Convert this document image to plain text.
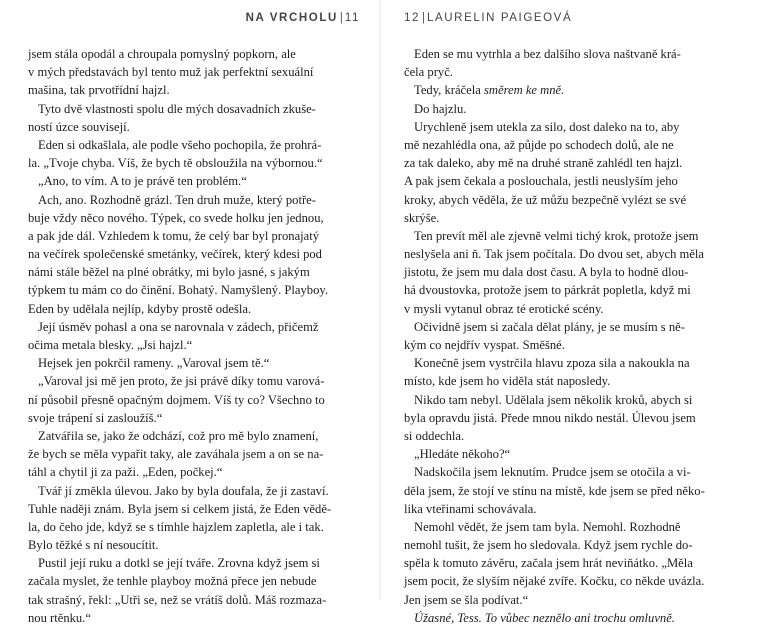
NA VRCHOLU | 11
jsem stála opodál a chroupala pomyslný popkorn, ale
v mých představách byl tento muž jak perfektní sexuální
mašina, tak prvotřídní hajzl.
Tyto dvě vlastnosti spolu dle mých dosavadních zkuše-
ností úzce souvisejí.
Eden si odkašlala, ale podle všeho pochopila, že prohrá-
la. „Tvoje chyba. Víš, že bych tě obsloužila na výbornou.“
„Ano, to vím. A to je právě ten problém.“
Ach, ano. Rozhodně grázl. Ten druh muže, který potře-
buje vždy něco nového. Týpek, co svede holku jen jednou,
a pak jde dál. Vzhledem k tomu, že celý bar byl pronajatý
na večírek společenské smetánky, večírek, který kdesi pod
námi stále běžel na plné obrátky, mi bylo jasné, s jakým
týpkem tu mám co do činění. Bohatý. Namyšlený. Playboy.
Eden by udělala nejlíp, kdyby prostě odešla.
Její úsměv pohasl a ona se narovnala v zádech, přičemž
očima metala blesky. „Jsi hajzl.“
Hejsek jen pokrčil rameny. „Varoval jsem tě.“
„Varoval jsi mě jen proto, že jsi právě díky tomu varová-
ní působil přesně opačným dojmem. Víš ty co? Všechno to
svoje trápení si zasloužíš.“
Zatvářila se, jako že odchází, což pro mě bylo znamení,
že bych se měla vypařit taky, ale zaváhala jsem a on se na-
táhl a chytil ji za paži. „Eden, počkej.“
Tvář jí změkla úlevou. Jako by byla doufala, že ji zastaví.
Tuhle naději znám. Byla jsem si celkem jistá, že Eden vědě-
la, do čeho jde, když se s tímhle hajzlem zapletla, ale i tak.
Bylo těžké s ní nesoucítit.
Pustil její ruku a dotkl se její tváře. Zrovna když jsem si
začala myslet, že tenhle playboy možná přece jen nebude
tak strašný, řekl: „Utři se, než se vrátíš dolů. Máš rozmaza-
nou rtěnku.“
12 | LAURELIN PAIGEOVÁ
Eden se mu vytrhla a bez dalšího slova naštvaně krá-
čela pryč.
Tedy, kráčela směrem ke mně.
Do hajzlu.
Urychleně jsem utekla za silo, dost daleko na to, aby
mě nezahlédla ona, až půjde po schodech dolů, ale ne
za tak daleko, aby mě na druhé straně zahlédl ten hajzl.
A pak jsem čekala a poslouchala, jestli neuslyším jeho
kroky, abych věděla, že už můžu bezpečně vylézt se své
skrýše.
Ten prevít měl ale zjevně velmi tichý krok, protože jsem
neslyšela ani ň. Tak jsem počítala. Do dvou set, abych měla
jistotu, že jsem mu dala dost času. A byla to hodně dlou-
há dvoustovka, protože jsem to párkrát popletla, když mi
v mysli vytanul obraz té erotické scény.
Očividně jsem si začala dělat plány, je se musím s ně-
kým co nejdřív vyspat. Směšné.
Konečně jsem vystrčila hlavu zpoza sila a nakoukla na
místo, kde jsem ho viděla stát naposledy.
Nikdo tam nebyl. Udělala jsem několik kroků, abych si
byla opravdu jistá. Přede mnou nikdo nestál. Úlevou jsem
si oddechla.
„Hledáte někoho?“
Nadskočila jsem leknutím. Prudce jsem se otočila a vi-
děla jsem, že stojí ve stínu na místě, kde jsem se před něko-
lika vteřinami schovávala.
Nemohl vědět, že jsem tam byla. Nemohl. Rozhodně
nemohl tušit, že jsem ho sledovala. Když jsem rychle do-
spěla k tomuto závěru, začala jsem hrát neviňátko. „Měla
jsem pocit, že slyším nějaké zvíře. Kočku, co někde uvázla.
Jen jsem se šla podívat.“
Úžasné, Tess. To vůbec neznělo ani trochu omluvně.
